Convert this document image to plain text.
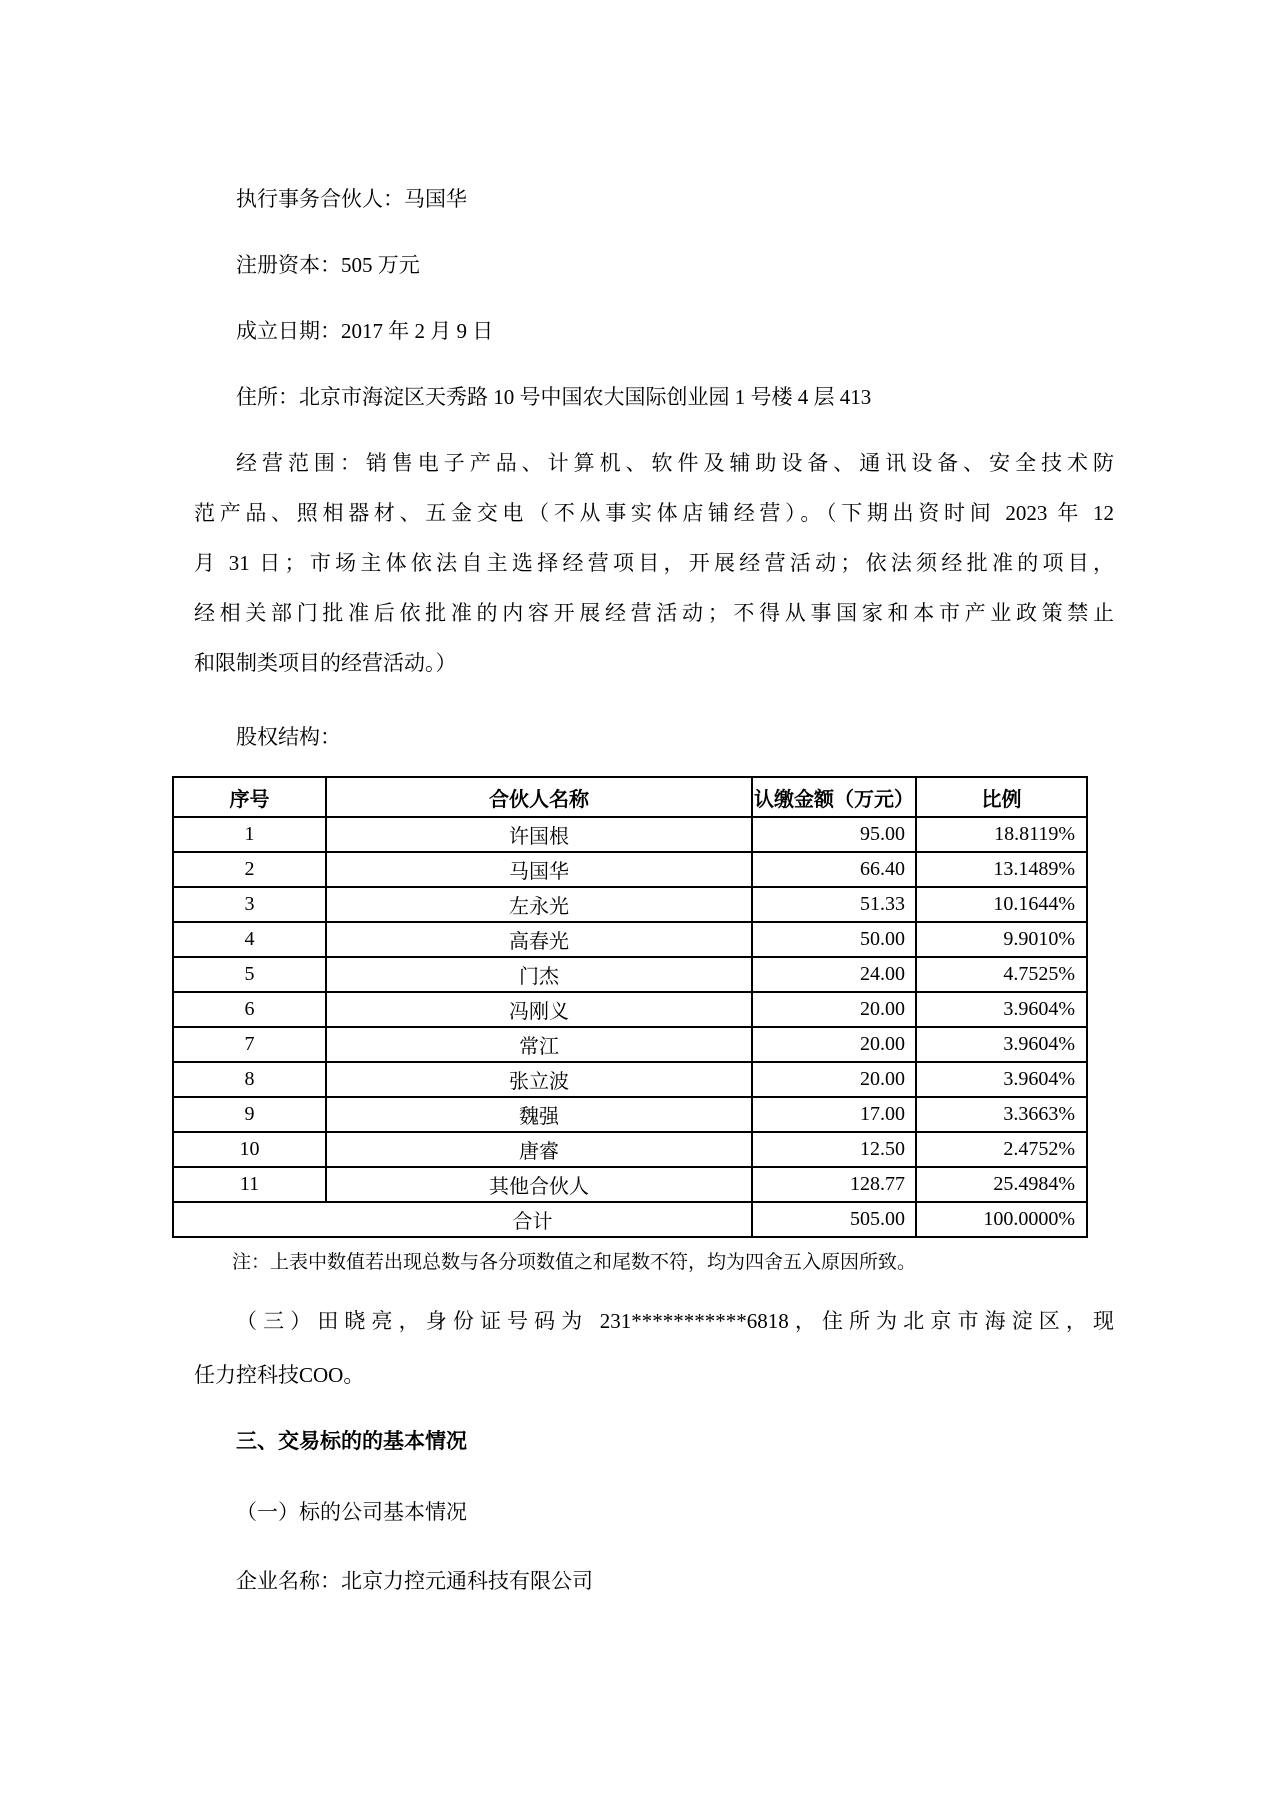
执行事务合伙人：马国华

注册资本：505 万元

成立日期：2017 年 2 月 9 日

住所：北京市海淀区天秀路 10 号中国农大国际创业园 1 号楼 4 层 413

经营范围：销售电子产品、计算机、软件及辅助设备、通讯设备、安全技术防
范产品、照相器材、五金交电（不从事实体店铺经营）。（下期出资时间 2023 年 12
月 31 日；市场主体依法自主选择经营项目，开展经营活动；依法须经批准的项目，
经相关部门批准后依批准的内容开展经营活动；不得从事国家和本市产业政策禁止
和限制类项目的经营活动。）

股权结构：

序号	合伙人名称	认缴金额（万元）	比例
1	许国根	95.00	18.8119%
2	马国华	66.40	13.1489%
3	左永光	51.33	10.1644%
4	高春光	50.00	9.9010%
5	门杰	24.00	4.7525%
6	冯刚义	20.00	3.9604%
7	常江	20.00	3.9604%
8	张立波	20.00	3.9604%
9	魏强	17.00	3.3663%
10	唐睿	12.50	2.4752%
11	其他合伙人	128.77	25.4984%
合计		505.00	100.0000%

注：上表中数值若出现总数与各分项数值之和尾数不符，均为四舍五入原因所致。

（三）田晓亮，身份证号码为 231***********6818，住所为北京市海淀区，现
任力控科技COO。

三、交易标的的基本情况

（一）标的公司基本情况

企业名称：北京力控元通科技有限公司
